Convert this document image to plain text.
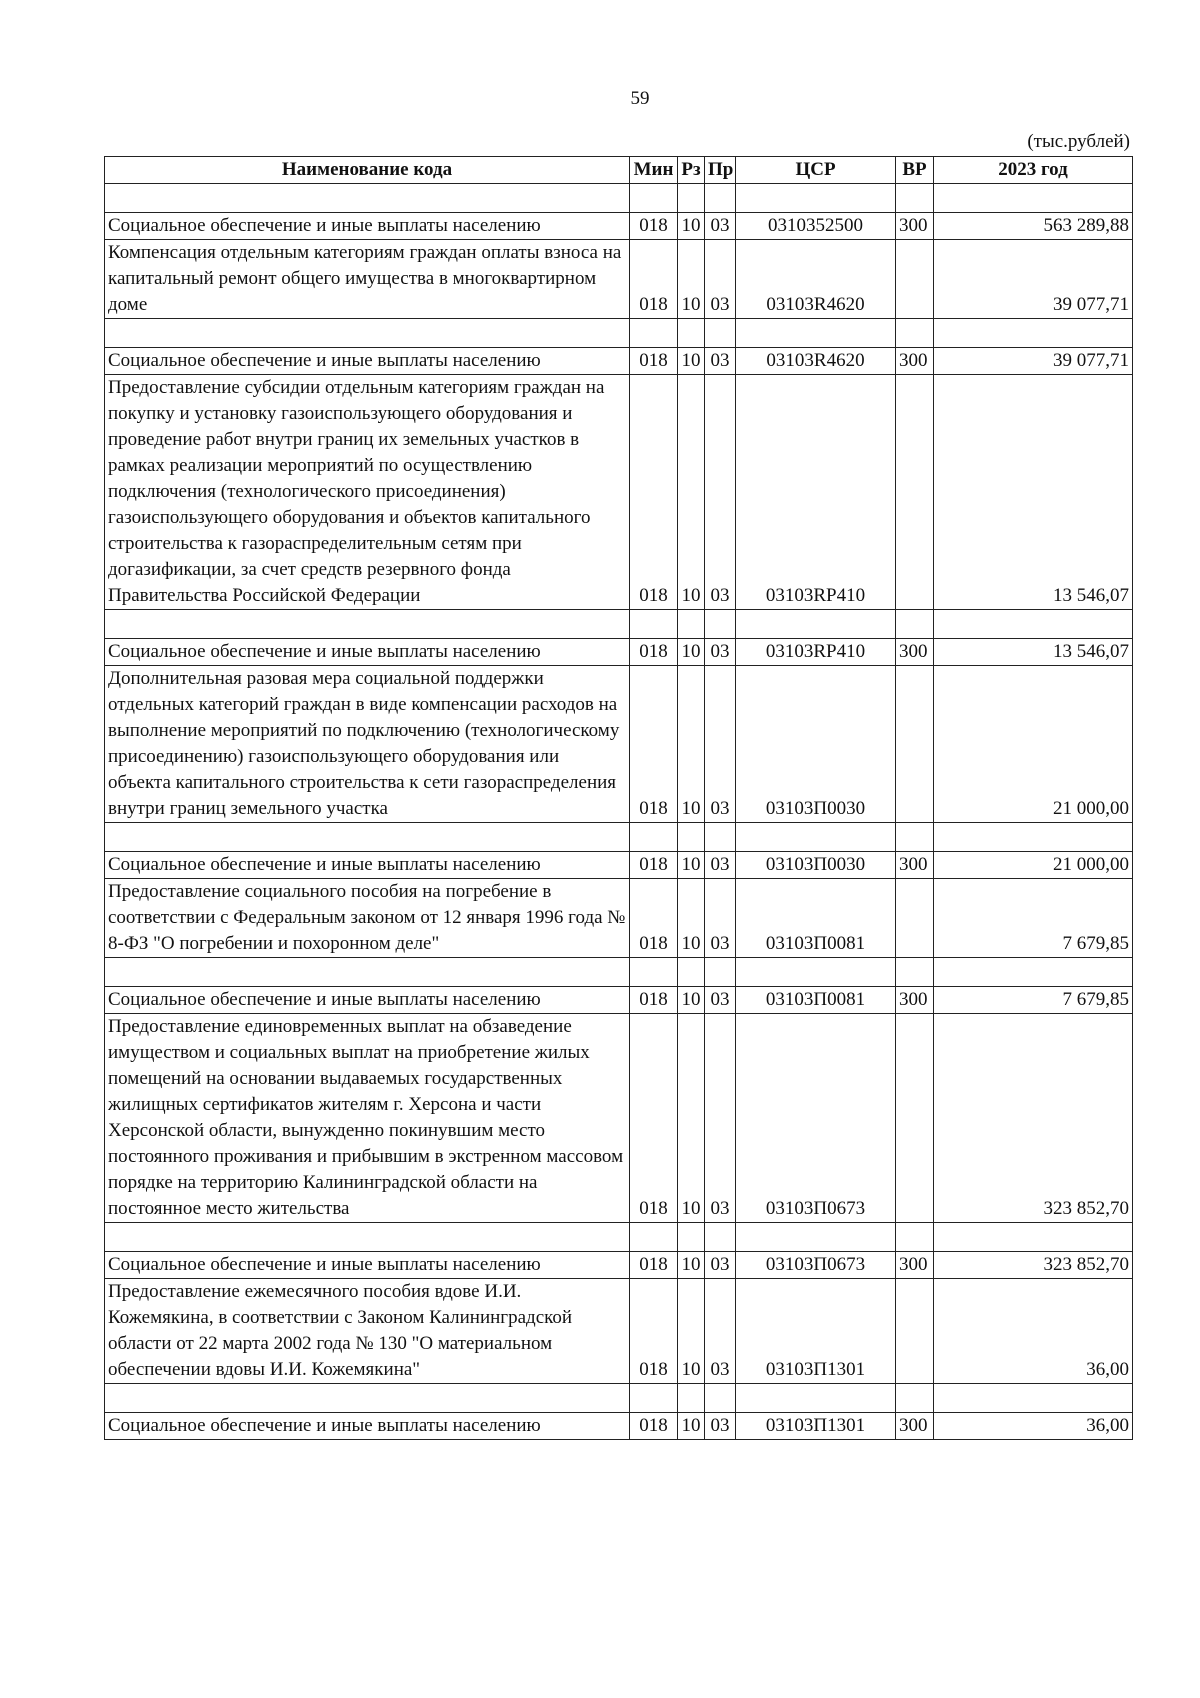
59
(тыс.рублей)
Наименование кода	Мин	Рз	Пр	ЦСР	ВР	2023 год

Социальное обеспечение и иные выплаты населению	018	10	03	0310352500	300	563 289,88
Компенсация отдельным категориям граждан оплаты взноса на капитальный ремонт общего имущества в многоквартирном доме	018	10	03	03103R4620		39 077,71

Социальное обеспечение и иные выплаты населению	018	10	03	03103R4620	300	39 077,71
Предоставление субсидии отдельным категориям граждан на покупку и установку газоиспользующего оборудования и проведение работ внутри границ их земельных участков в рамках реализации мероприятий по осуществлению подключения (технологического присоединения) газоиспользующего оборудования и объектов капитального строительства к газораспределительным сетям при догазификации, за счет средств резервного фонда Правительства Российской Федерации	018	10	03	03103RP410		13 546,07

Социальное обеспечение и иные выплаты населению	018	10	03	03103RP410	300	13 546,07
Дополнительная разовая мера социальной поддержки отдельных категорий граждан в виде компенсации расходов на выполнение мероприятий по подключению (технологическому присоединению) газоиспользующего оборудования или объекта капитального строительства к сети газораспределения внутри границ земельного участка	018	10	03	03103П0030		21 000,00

Социальное обеспечение и иные выплаты населению	018	10	03	03103П0030	300	21 000,00
Предоставление социального пособия на погребение в соответствии с Федеральным законом от 12 января 1996 года № 8-ФЗ "О погребении и похоронном деле"	018	10	03	03103П0081		7 679,85

Социальное обеспечение и иные выплаты населению	018	10	03	03103П0081	300	7 679,85
Предоставление единовременных выплат на обзаведение имуществом и социальных выплат на приобретение жилых помещений на основании выдаваемых государственных жилищных сертификатов жителям г. Херсона и части Херсонской области, вынужденно покинувшим место постоянного проживания и прибывшим в экстренном массовом порядке на территорию Калининградской области на постоянное место жительства	018	10	03	03103П0673		323 852,70

Социальное обеспечение и иные выплаты населению	018	10	03	03103П0673	300	323 852,70
Предоставление ежемесячного пособия вдове И.И. Кожемякина, в соответствии с Законом Калининградской области от 22 марта 2002 года № 130 "О материальном обеспечении вдовы И.И. Кожемякина"	018	10	03	03103П1301		36,00

Социальное обеспечение и иные выплаты населению	018	10	03	03103П1301	300	36,00
